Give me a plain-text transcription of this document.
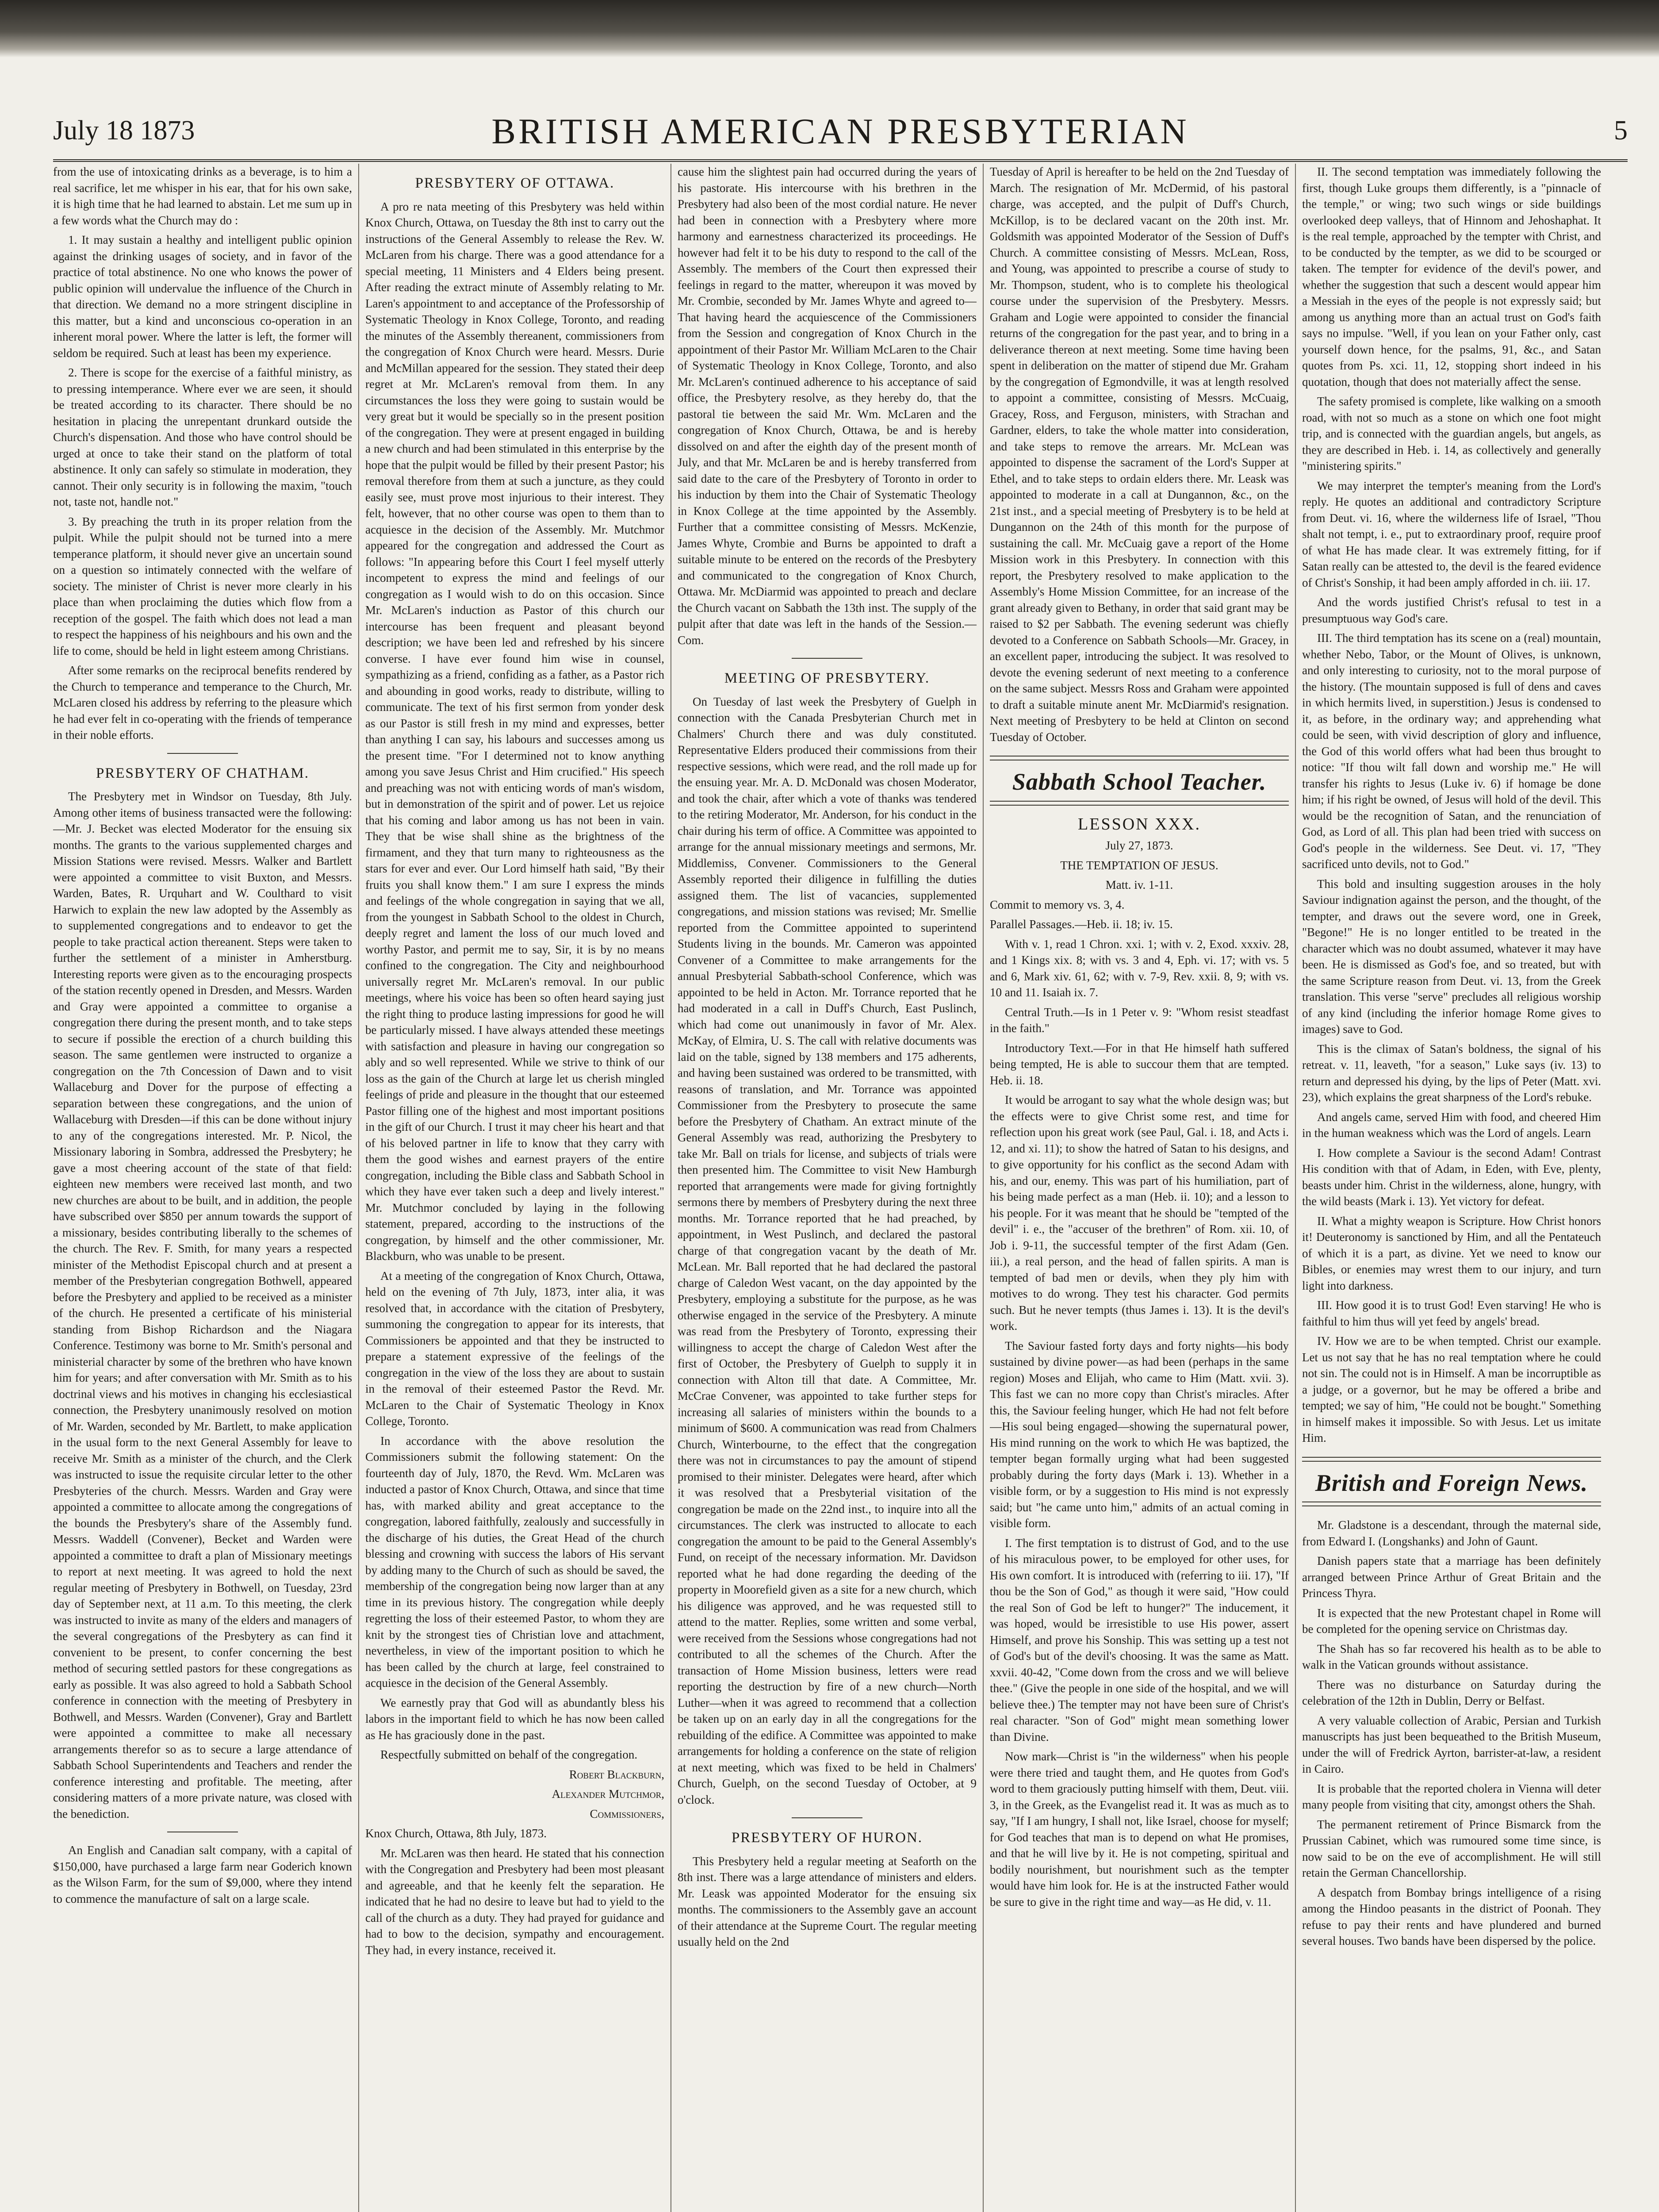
July 18 1873	BRITISH AMERICAN PRESBYTERIAN	5

from the use of intoxicating drinks as a beverage, is to him a real sacrifice, let me whisper in his ear, that for his own sake, it is high time that he had learned to abstain. Let me sum up in a few words what the Church may do :

1. It may sustain a healthy and intelligent public opinion against the drinking usages of society, and in favor of the practice of total abstinence. No one who knows the power of public opinion will undervalue the influence of the Church in that direction. We demand no a more stringent discipline in this matter, but a kind and unconscious co-operation in an inherent moral power. Where the latter is left, the former will seldom be required. Such at least has been my experience.

2. There is scope for the exercise of a faithful ministry, as to pressing intemperance. Where ever we are seen, it should be treated according to its character. There should be no hesitation in placing the unrepentant drunkard outside the Church's dispensation. And those who have control should be urged at once to take their stand on the platform of total abstinence. It only can safely so stimulate in moderation, they cannot. Their only security is in following the maxim, "touch not, taste not, handle not."

3. By preaching the truth in its proper relation from the pulpit. While the pulpit should not be turned into a mere temperance platform, it should never give an uncertain sound on a question so intimately connected with the welfare of society. The minister of Christ is never more clearly in his place than when proclaiming the duties which flow from a reception of the gospel. The faith which does not lead a man to respect the happiness of his neighbours and his own and the life to come, should be held in light esteem among Christians.

After some remarks on the reciprocal benefits rendered by the Church to temperance and temperance to the Church, Mr. McLaren closed his address by referring to the pleasure which he had ever felt in co-operating with the friends of temperance in their noble efforts.

PRESBYTERY OF CHATHAM.

The Presbytery met in Windsor on Tuesday, 8th July. Among other items of business transacted were the following:—Mr. J. Becket was elected Moderator for the ensuing six months. The grants to the various supplemented charges and Mission Stations were revised. Messrs. Walker and Bartlett were appointed a committee to visit Buxton, and Messrs. Warden, Bates, R. Urquhart and W. Coulthard to visit Harwich to explain the new law adopted by the Assembly as to supplemented congregations and to endeavor to get the people to take practical action thereanent. Steps were taken to further the settlement of a minister in Amherstburg. Interesting reports were given as to the encouraging prospects of the station recently opened in Dresden, and Messrs. Warden and Gray were appointed a committee to organise a congregation there during the present month, and to take steps to secure if possible the erection of a church building this season. The same gentlemen were instructed to organize a congregation on the 7th Concession of Dawn and to visit Wallaceburg and Dover for the purpose of effecting a separation between these congregations, and the union of Wallaceburg with Dresden—if this can be done without injury to any of the congregations interested. Mr. P. Nicol, the Missionary laboring in Sombra, addressed the Presbytery; he gave a most cheering account of the state of that field: eighteen new members were received last month, and two new churches are about to be built, and in addition, the people have subscribed over $850 per annum towards the support of a missionary, besides contributing liberally to the schemes of the church. The Rev. F. Smith, for many years a respected minister of the Methodist Episcopal church and at present a member of the Presbyterian congregation Bothwell, appeared before the Presbytery and applied to be received as a minister of the church. He presented a certificate of his ministerial standing from Bishop Richardson and the Niagara Conference. Testimony was borne to Mr. Smith's personal and ministerial character by some of the brethren who have known him for years; and after conversation with Mr. Smith as to his doctrinal views and his motives in changing his ecclesiastical connection, the Presbytery unanimously resolved on motion of Mr. Warden, seconded by Mr. Bartlett, to make application in the usual form to the next General Assembly for leave to receive Mr. Smith as a minister of the church, and the Clerk was instructed to issue the requisite circular letter to the other Presbyteries of the church. Messrs. Warden and Gray were appointed a committee to allocate among the congregations of the bounds the Presbytery's share of the Assembly fund. Messrs. Waddell (Convener), Becket and Warden were appointed a committee to draft a plan of Missionary meetings to report at next meeting. It was agreed to hold the next regular meeting of Presbytery in Bothwell, on Tuesday, 23rd day of September next, at 11 a.m. To this meeting, the clerk was instructed to invite as many of the elders and managers of the several congregations of the Presbytery as can find it convenient to be present, to confer concerning the best method of securing settled pastors for these congregations as early as possible. It was also agreed to hold a Sabbath School conference in connection with the meeting of Presbytery in Bothwell, and Messrs. Warden (Convener), Gray and Bartlett were appointed a committee to make all necessary arrangements therefor so as to secure a large attendance of Sabbath School Superintendents and Teachers and render the conference interesting and profitable. The meeting, after considering matters of a more private nature, was closed with the benediction.

An English and Canadian salt company, with a capital of $150,000, have purchased a large farm near Goderich known as the Wilson Farm, for the sum of $9,000, where they intend to commence the manufacture of salt on a large scale.

PRESBYTERY OF OTTAWA.

A pro re nata meeting of this Presbytery was held within Knox Church, Ottawa, on Tuesday the 8th inst to carry out the instructions of the General Assembly to release the Rev. W. McLaren from his charge. There was a good attendance for a special meeting, 11 Ministers and 4 Elders being present. After reading the extract minute of Assembly relating to Mr. Laren's appointment to and acceptance of the Professorship of Systematic Theology in Knox College, Toronto, and reading the minutes of the Assembly thereanent, commissioners from the congregation of Knox Church were heard. Messrs. Durie and McMillan appeared for the session. They stated their deep regret at Mr. McLaren's removal from them. In any circumstances the loss they were going to sustain would be very great but it would be specially so in the present position of the congregation. They were at present engaged in building a new church and had been stimulated in this enterprise by the hope that the pulpit would be filled by their present Pastor; his removal therefore from them at such a juncture, as they could easily see, must prove most injurious to their interest. They felt, however, that no other course was open to them than to acquiesce in the decision of the Assembly. Mr. Mutchmor appeared for the congregation and addressed the Court as follows: "In appearing before this Court I feel myself utterly incompetent to express the mind and feelings of our congregation as I would wish to do on this occasion. Since Mr. McLaren's induction as Pastor of this church our intercourse has been frequent and pleasant beyond description; we have been led and refreshed by his sincere converse. I have ever found him wise in counsel, sympathizing as a friend, confiding as a father, as a Pastor rich and abounding in good works, ready to distribute, willing to communicate. The text of his first sermon from yonder desk as our Pastor is still fresh in my mind and expresses, better than anything I can say, his labours and successes among us the present time. "For I determined not to know anything among you save Jesus Christ and Him crucified." His speech and preaching was not with enticing words of man's wisdom, but in demonstration of the spirit and of power. Let us rejoice that his coming and labor among us has not been in vain. They that be wise shall shine as the brightness of the firmament, and they that turn many to righteousness as the stars for ever and ever. Our Lord himself hath said, "By their fruits you shall know them." I am sure I express the minds and feelings of the whole congregation in saying that we all, from the youngest in Sabbath School to the oldest in Church, deeply regret and lament the loss of our much loved and worthy Pastor, and permit me to say, Sir, it is by no means confined to the congregation. The City and neighbourhood universally regret Mr. McLaren's removal. In our public meetings, where his voice has been so often heard saying just the right thing to produce lasting impressions for good he will be particularly missed. I have always attended these meetings with satisfaction and pleasure in having our congregation so ably and so well represented. While we strive to think of our loss as the gain of the Church at large let us cherish mingled feelings of pride and pleasure in the thought that our esteemed Pastor filling one of the highest and most important positions in the gift of our Church. I trust it may cheer his heart and that of his beloved partner in life to know that they carry with them the good wishes and earnest prayers of the entire congregation, including the Bible class and Sabbath School in which they have ever taken such a deep and lively interest." Mr. Mutchmor concluded by laying in the following statement, prepared, according to the instructions of the congregation, by himself and the other commissioner, Mr. Blackburn, who was unable to be present.

At a meeting of the congregation of Knox Church, Ottawa, held on the evening of 7th July, 1873, inter alia, it was resolved that, in accordance with the citation of Presbytery, summoning the congregation to appear for its interests, that Commissioners be appointed and that they be instructed to prepare a statement expressive of the feelings of the congregation in the view of the loss they are about to sustain in the removal of their esteemed Pastor the Revd. Mr. McLaren to the Chair of Systematic Theology in Knox College, Toronto.

In accordance with the above resolution the Commissioners submit the following statement: On the fourteenth day of July, 1870, the Revd. Wm. McLaren was inducted a pastor of Knox Church, Ottawa, and since that time has, with marked ability and great acceptance to the congregation, labored faithfully, zealously and successfully in the discharge of his duties, the Great Head of the church blessing and crowning with success the labors of His servant by adding many to the Church of such as should be saved, the membership of the congregation being now larger than at any time in its previous history. The congregation while deeply regretting the loss of their esteemed Pastor, to whom they are knit by the strongest ties of Christian love and attachment, nevertheless, in view of the important position to which he has been called by the church at large, feel constrained to acquiesce in the decision of the General Assembly.

We earnestly pray that God will as abundantly bless his labors in the important field to which he has now been called as He has graciously done in the past.

Respectfully submitted on behalf of the congregation.

Robert Blackburn,

Alexander Mutchmor,

Commissioners,

Knox Church, Ottawa, 8th July, 1873.

Mr. McLaren was then heard. He stated that his connection with the Congregation and Presbytery had been most pleasant and agreeable, and that he keenly felt the separation. He indicated that he had no desire to leave but had to yield to the call of the church as a duty. They had prayed for guidance and had to bow to the decision, sympathy and encouragement. They had, in every instance, received it.

cause him the slightest pain had occurred during the years of his pastorate. His intercourse with his brethren in the Presbytery had also been of the most cordial nature. He never had been in connection with a Presbytery where more harmony and earnestness characterized its proceedings. He however had felt it to be his duty to respond to the call of the Assembly. The members of the Court then expressed their feelings in regard to the matter, whereupon it was moved by Mr. Crombie, seconded by Mr. James Whyte and agreed to—That having heard the acquiescence of the Commissioners from the Session and congregation of Knox Church in the appointment of their Pastor Mr. William McLaren to the Chair of Systematic Theology in Knox College, Toronto, and also Mr. McLaren's continued adherence to his acceptance of said office, the Presbytery resolve, as they hereby do, that the pastoral tie between the said Mr. Wm. McLaren and the congregation of Knox Church, Ottawa, be and is hereby dissolved on and after the eighth day of the present month of July, and that Mr. McLaren be and is hereby transferred from said date to the care of the Presbytery of Toronto in order to his induction by them into the Chair of Systematic Theology in Knox College at the time appointed by the Assembly. Further that a committee consisting of Messrs. McKenzie, James Whyte, Crombie and Burns be appointed to draft a suitable minute to be entered on the records of the Presbytery and communicated to the congregation of Knox Church, Ottawa. Mr. McDiarmid was appointed to preach and declare the Church vacant on Sabbath the 13th inst. The supply of the pulpit after that date was left in the hands of the Session.—Com.

MEETING OF PRESBYTERY.

On Tuesday of last week the Presbytery of Guelph in connection with the Canada Presbyterian Church met in Chalmers' Church there and was duly constituted. Representative Elders produced their commissions from their respective sessions, which were read, and the roll made up for the ensuing year. Mr. A. D. McDonald was chosen Moderator, and took the chair, after which a vote of thanks was tendered to the retiring Moderator, Mr. Anderson, for his conduct in the chair during his term of office. A Committee was appointed to arrange for the annual missionary meetings and sermons, Mr. Middlemiss, Convener. Commissioners to the General Assembly reported their diligence in fulfilling the duties assigned them. The list of vacancies, supplemented congregations, and mission stations was revised; Mr. Smellie reported from the Committee appointed to superintend Students living in the bounds. Mr. Cameron was appointed Convener of a Committee to make arrangements for the annual Presbyterial Sabbath-school Conference, which was appointed to be held in Acton. Mr. Torrance reported that he had moderated in a call in Duff's Church, East Puslinch, which had come out unanimously in favor of Mr. Alex. McKay, of Elmira, U. S. The call with relative documents was laid on the table, signed by 138 members and 175 adherents, and having been sustained was ordered to be transmitted, with reasons of translation, and Mr. Torrance was appointed Commissioner from the Presbytery to prosecute the same before the Presbytery of Chatham. An extract minute of the General Assembly was read, authorizing the Presbytery to take Mr. Ball on trials for license, and subjects of trials were then presented him. The Committee to visit New Hamburgh reported that arrangements were made for giving fortnightly sermons there by members of Presbytery during the next three months. Mr. Torrance reported that he had preached, by appointment, in West Puslinch, and declared the pastoral charge of that congregation vacant by the death of Mr. McLean. Mr. Ball reported that he had declared the pastoral charge of Caledon West vacant, on the day appointed by the Presbytery, employing a substitute for the purpose, as he was otherwise engaged in the service of the Presbytery. A minute was read from the Presbytery of Toronto, expressing their willingness to accept the charge of Caledon West after the first of October, the Presbytery of Guelph to supply it in connection with Alton till that date. A Committee, Mr. McCrae Convener, was appointed to take further steps for increasing all salaries of ministers within the bounds to a minimum of $600. A communication was read from Chalmers Church, Winterbourne, to the effect that the congregation there was not in circumstances to pay the amount of stipend promised to their minister. Delegates were heard, after which it was resolved that a Presbyterial visitation of the congregation be made on the 22nd inst., to inquire into all the circumstances. The clerk was instructed to allocate to each congregation the amount to be paid to the General Assembly's Fund, on receipt of the necessary information. Mr. Davidson reported what he had done regarding the deeding of the property in Moorefield given as a site for a new church, which his diligence was approved, and he was requested still to attend to the matter. Replies, some written and some verbal, were received from the Sessions whose congregations had not contributed to all the schemes of the Church. After the transaction of Home Mission business, letters were read reporting the destruction by fire of a new church—North Luther—when it was agreed to recommend that a collection be taken up on an early day in all the congregations for the rebuilding of the edifice. A Committee was appointed to make arrangements for holding a conference on the state of religion at next meeting, which was fixed to be held in Chalmers' Church, Guelph, on the second Tuesday of October, at 9 o'clock.

PRESBYTERY OF HURON.

This Presbytery held a regular meeting at Seaforth on the 8th inst. There was a large attendance of ministers and elders. Mr. Leask was appointed Moderator for the ensuing six months. The commissioners to the Assembly gave an account of their attendance at the Supreme Court. The regular meeting usually held on the 2nd

Tuesday of April is hereafter to be held on the 2nd Tuesday of March. The resignation of Mr. McDermid, of his pastoral charge, was accepted, and the pulpit of Duff's Church, McKillop, is to be declared vacant on the 20th inst. Mr. Goldsmith was appointed Moderator of the Session of Duff's Church. A committee consisting of Messrs. McLean, Ross, and Young, was appointed to prescribe a course of study to Mr. Thompson, student, who is to complete his theological course under the supervision of the Presbytery. Messrs. Graham and Logie were appointed to consider the financial returns of the congregation for the past year, and to bring in a deliverance thereon at next meeting. Some time having been spent in deliberation on the matter of stipend due Mr. Graham by the congregation of Egmondville, it was at length resolved to appoint a committee, consisting of Messrs. McCuaig, Gracey, Ross, and Ferguson, ministers, with Strachan and Gardner, elders, to take the whole matter into consideration, and take steps to remove the arrears. Mr. McLean was appointed to dispense the sacrament of the Lord's Supper at Ethel, and to take steps to ordain elders there. Mr. Leask was appointed to moderate in a call at Dungannon, &c., on the 21st inst., and a special meeting of Presbytery is to be held at Dungannon on the 24th of this month for the purpose of sustaining the call. Mr. McCuaig gave a report of the Home Mission work in this Presbytery. In connection with this report, the Presbytery resolved to make application to the Assembly's Home Mission Committee, for an increase of the grant already given to Bethany, in order that said grant may be raised to $2 per Sabbath. The evening sederunt was chiefly devoted to a Conference on Sabbath Schools—Mr. Gracey, in an excellent paper, introducing the subject. It was resolved to devote the evening sederunt of next meeting to a conference on the same subject. Messrs Ross and Graham were appointed to draft a suitable minute anent Mr. McDiarmid's resignation. Next meeting of Presbytery to be held at Clinton on second Tuesday of October.

Sabbath School Teacher.
LESSON XXX.

July 27, 1873.

THE TEMPTATION OF JESUS.

Matt. iv. 1-11.

Commit to memory vs. 3, 4.

Parallel Passages.—Heb. ii. 18; iv. 15.

With v. 1, read 1 Chron. xxi. 1; with v. 2, Exod. xxxiv. 28, and 1 Kings xix. 8; with vs. 3 and 4, Eph. vi. 17; with vs. 5 and 6, Mark xiv. 61, 62; with v. 7-9, Rev. xxii. 8, 9; with vs. 10 and 11. Isaiah ix. 7.

Central Truth.—Is in 1 Peter v. 9: "Whom resist steadfast in the faith."

Introductory Text.—For in that He himself hath suffered being tempted, He is able to succour them that are tempted. Heb. ii. 18.

It would be arrogant to say what the whole design was; but the effects were to give Christ some rest, and time for reflection upon his great work (see Paul, Gal. i. 18, and Acts i. 12, and xi. 11); to show the hatred of Satan to his designs, and to give opportunity for his conflict as the second Adam with his, and our, enemy. This was part of his humiliation, part of his being made perfect as a man (Heb. ii. 10); and a lesson to his people. For it was meant that he should be "tempted of the devil" i. e., the "accuser of the brethren" of Rom. xii. 10, of Job i. 9-11, the successful tempter of the first Adam (Gen. iii.), a real person, and the head of fallen spirits. A man is tempted of bad men or devils, when they ply him with motives to do wrong. They test his character. God permits such. But he never tempts (thus James i. 13). It is the devil's work.

The Saviour fasted forty days and forty nights—his body sustained by divine power—as had been (perhaps in the same region) Moses and Elijah, who came to Him (Matt. xvii. 3). This fast we can no more copy than Christ's miracles. After this, the Saviour feeling hunger, which He had not felt before—His soul being engaged—showing the supernatural power, His mind running on the work to which He was baptized, the tempter began formally urging what had been suggested probably during the forty days (Mark i. 13). Whether in a visible form, or by a suggestion to His mind is not expressly said; but "he came unto him," admits of an actual coming in visible form.

I. The first temptation is to distrust of God, and to the use of his miraculous power, to be employed for other uses, for His own comfort. It is introduced with (referring to iii. 17), "If thou be the Son of God," as though it were said, "How could the real Son of God be left to hunger?" The inducement, it was hoped, would be irresistible to use His power, assert Himself, and prove his Sonship. This was setting up a test not of God's but of the devil's choosing. It was the same as Matt. xxvii. 40-42, "Come down from the cross and we will believe thee." (Give the people in one side of the hospital, and we will believe thee.) The tempter may not have been sure of Christ's real character. "Son of God" might mean something lower than Divine.

Now mark—Christ is "in the wilderness" when his people were there tried and taught them, and He quotes from God's word to them graciously putting himself with them, Deut. viii. 3, in the Greek, as the Evangelist read it. It was as much as to say, "If I am hungry, I shall not, like Israel, choose for myself; for God teaches that man is to depend on what He promises, and that he will live by it. He is not competing, spiritual and bodily nourishment, but nourishment such as the tempter would have him look for. He is at the instructed Father would be sure to give in the right time and way—as He did, v. 11.

II. The second temptation was immediately following the first, though Luke groups them differently, is a "pinnacle of the temple," or wing; two such wings or side buildings overlooked deep valleys, that of Hinnom and Jehoshaphat. It is the real temple, approached by the tempter with Christ, and to be conducted by the tempter, as we did to be scourged or taken. The tempter for evidence of the devil's power, and whether the suggestion that such a descent would appear him a Messiah in the eyes of the people is not expressly said; but among us anything more than an actual trust on God's faith says no impulse. "Well, if you lean on your Father only, cast yourself down hence, for the psalms, 91, &c., and Satan quotes from Ps. xci. 11, 12, stopping short indeed in his quotation, though that does not materially affect the sense.

The safety promised is complete, like walking on a smooth road, with not so much as a stone on which one foot might trip, and is connected with the guardian angels, but angels, as they are described in Heb. i. 14, as collectively and generally "ministering spirits."

We may interpret the tempter's meaning from the Lord's reply. He quotes an additional and contradictory Scripture from Deut. vi. 16, where the wilderness life of Israel, "Thou shalt not tempt, i. e., put to extraordinary proof, require proof of what He has made clear. It was extremely fitting, for if Satan really can be attested to, the devil is the feared evidence of Christ's Sonship, it had been amply afforded in ch. iii. 17.

And the words justified Christ's refusal to test in a presumptuous way God's care.

III. The third temptation has its scene on a (real) mountain, whether Nebo, Tabor, or the Mount of Olives, is unknown, and only interesting to curiosity, not to the moral purpose of the history. (The mountain supposed is full of dens and caves in which hermits lived, in superstition.) Jesus is condensed to it, as before, in the ordinary way; and apprehending what could be seen, with vivid description of glory and influence, the God of this world offers what had been thus brought to notice: "If thou wilt fall down and worship me." He will transfer his rights to Jesus (Luke iv. 6) if homage be done him; if his right be owned, of Jesus will hold of the devil. This would be the recognition of Satan, and the renunciation of God, as Lord of all. This plan had been tried with success on God's people in the wilderness. See Deut. vi. 17, "They sacrificed unto devils, not to God."

This bold and insulting suggestion arouses in the holy Saviour indignation against the person, and the thought, of the tempter, and draws out the severe word, one in Greek, "Begone!" He is no longer entitled to be treated in the character which was no doubt assumed, whatever it may have been. He is dismissed as God's foe, and so treated, but with the same Scripture reason from Deut. vi. 13, from the Greek translation. This verse "serve" precludes all religious worship of any kind (including the inferior homage Rome gives to images) save to God.

This is the climax of Satan's boldness, the signal of his retreat. v. 11, leaveth, "for a season," Luke says (iv. 13) to return and depressed his dying, by the lips of Peter (Matt. xvi. 23), which explains the great sharpness of the Lord's rebuke.

And angels came, served Him with food, and cheered Him in the human weakness which was the Lord of angels. Learn

I. How complete a Saviour is the second Adam! Contrast His condition with that of Adam, in Eden, with Eve, plenty, beasts under him. Christ in the wilderness, alone, hungry, with the wild beasts (Mark i. 13). Yet victory for defeat.

II. What a mighty weapon is Scripture. How Christ honors it! Deuteronomy is sanctioned by Him, and all the Pentateuch of which it is a part, as divine. Yet we need to know our Bibles, or enemies may wrest them to our injury, and turn light into darkness.

III. How good it is to trust God! Even starving! He who is faithful to him thus will yet feed by angels' bread.

IV. How we are to be when tempted. Christ our example. Let us not say that he has no real temptation where he could not sin. The could not is in Himself. A man be incorruptible as a judge, or a governor, but he may be offered a bribe and tempted; we say of him, "He could not be bought." Something in himself makes it impossible. So with Jesus. Let us imitate Him.

British and Foreign News.

Mr. Gladstone is a descendant, through the maternal side, from Edward I. (Longshanks) and John of Gaunt.

Danish papers state that a marriage has been definitely arranged between Prince Arthur of Great Britain and the Princess Thyra.

It is expected that the new Protestant chapel in Rome will be completed for the opening service on Christmas day.

The Shah has so far recovered his health as to be able to walk in the Vatican grounds without assistance.

There was no disturbance on Saturday during the celebration of the 12th in Dublin, Derry or Belfast.

A very valuable collection of Arabic, Persian and Turkish manuscripts has just been bequeathed to the British Museum, under the will of Fredrick Ayrton, barrister-at-law, a resident in Cairo.

It is probable that the reported cholera in Vienna will deter many people from visiting that city, amongst others the Shah.

The permanent retirement of Prince Bismarck from the Prussian Cabinet, which was rumoured some time since, is now said to be on the eve of accomplishment. He will still retain the German Chancellorship.

A despatch from Bombay brings intelligence of a rising among the Hindoo peasants in the district of Poonah. They refuse to pay their rents and have plundered and burned several houses. Two bands have been dispersed by the police.
